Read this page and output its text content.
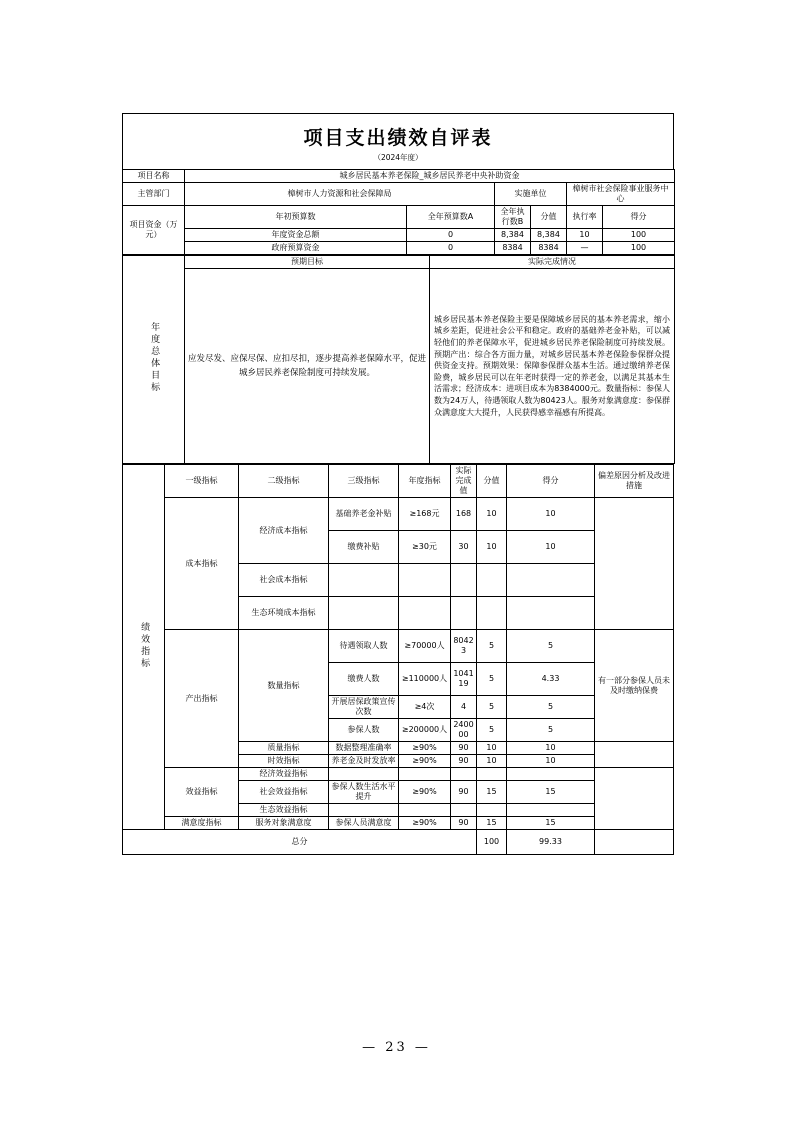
项目支出绩效自评表
（2024年度）
项目名称	城乡居民基本养老保险_城乡居民养老中央补助资金					
主管部门	樟树市人力资源和社会保障局		实施单位		樟树市社会保险事业服务中心	
项目资金（万元）	年初预算数	全年预算数A	全年执行数B	分值	执行率	得分
	年度资金总额	0	8,384	8,384	10	100
	政府预算资金	0	8384	8384	—	100
年度总体目标	预期目标	实际完成情况
	应发尽发、应保尽保、应扣尽扣，逐步提高养老保障水平，促进城乡居民养老保险制度可持续发展。	城乡居民基本养老保险主要是保障城乡居民的基本养老需求，缩小城乡差距，促进社会公平和稳定。政府的基础养老金补贴，可以减轻他们的养老保障水平，促进城乡居民养老保险制度可持续发展。预期产出：综合各方面力量，对城乡居民基本养老保险参保群众提供资金支持。预期效果：保障参保群众基本生活。通过缴纳养老保险费，城乡居民可以在年老时获得一定的养老金，以满足其基本生活需求；经济成本：进项目成本为8384000元。数量指标：参保人数为24万人，待遇领取人数为80423人。服务对象满意度：参保群众满意度大大提升，人民获得感幸福感有所提高。
绩效指标	一级指标	二级指标	三级指标	年度指标	实际完成值	分值	得分	偏差原因分析及改进措施
	成本指标	经济成本指标	基础养老金补贴	≥168元	168	10	10	
			缴费补贴	≥30元	30	10	10	
		社会成本指标						
		生态环境成本指标						
	产出指标	数量指标	待遇领取人数	≥70000人	80423	5	5	有一部分参保人员未及时缴纳保费
			缴费人数	≥110000人	104119	5	4.33	
			开展居保政策宣传次数	≥4次	4	5	5	
			参保人数	≥200000人	240000	5	5	
		质量指标	数据整理准确率	≥90%	90	10	10	
		时效指标	养老金及时发放率	≥90%	90	10	10	
	效益指标	经济效益指标						
		社会效益指标	参保人数生活水平提升	≥90%	90	15	15	
		生态效益指标						
	满意度指标	服务对象满意度	参保人员满意度	≥90%	90	15	15	
总分						100	99.33	
— 23 —
